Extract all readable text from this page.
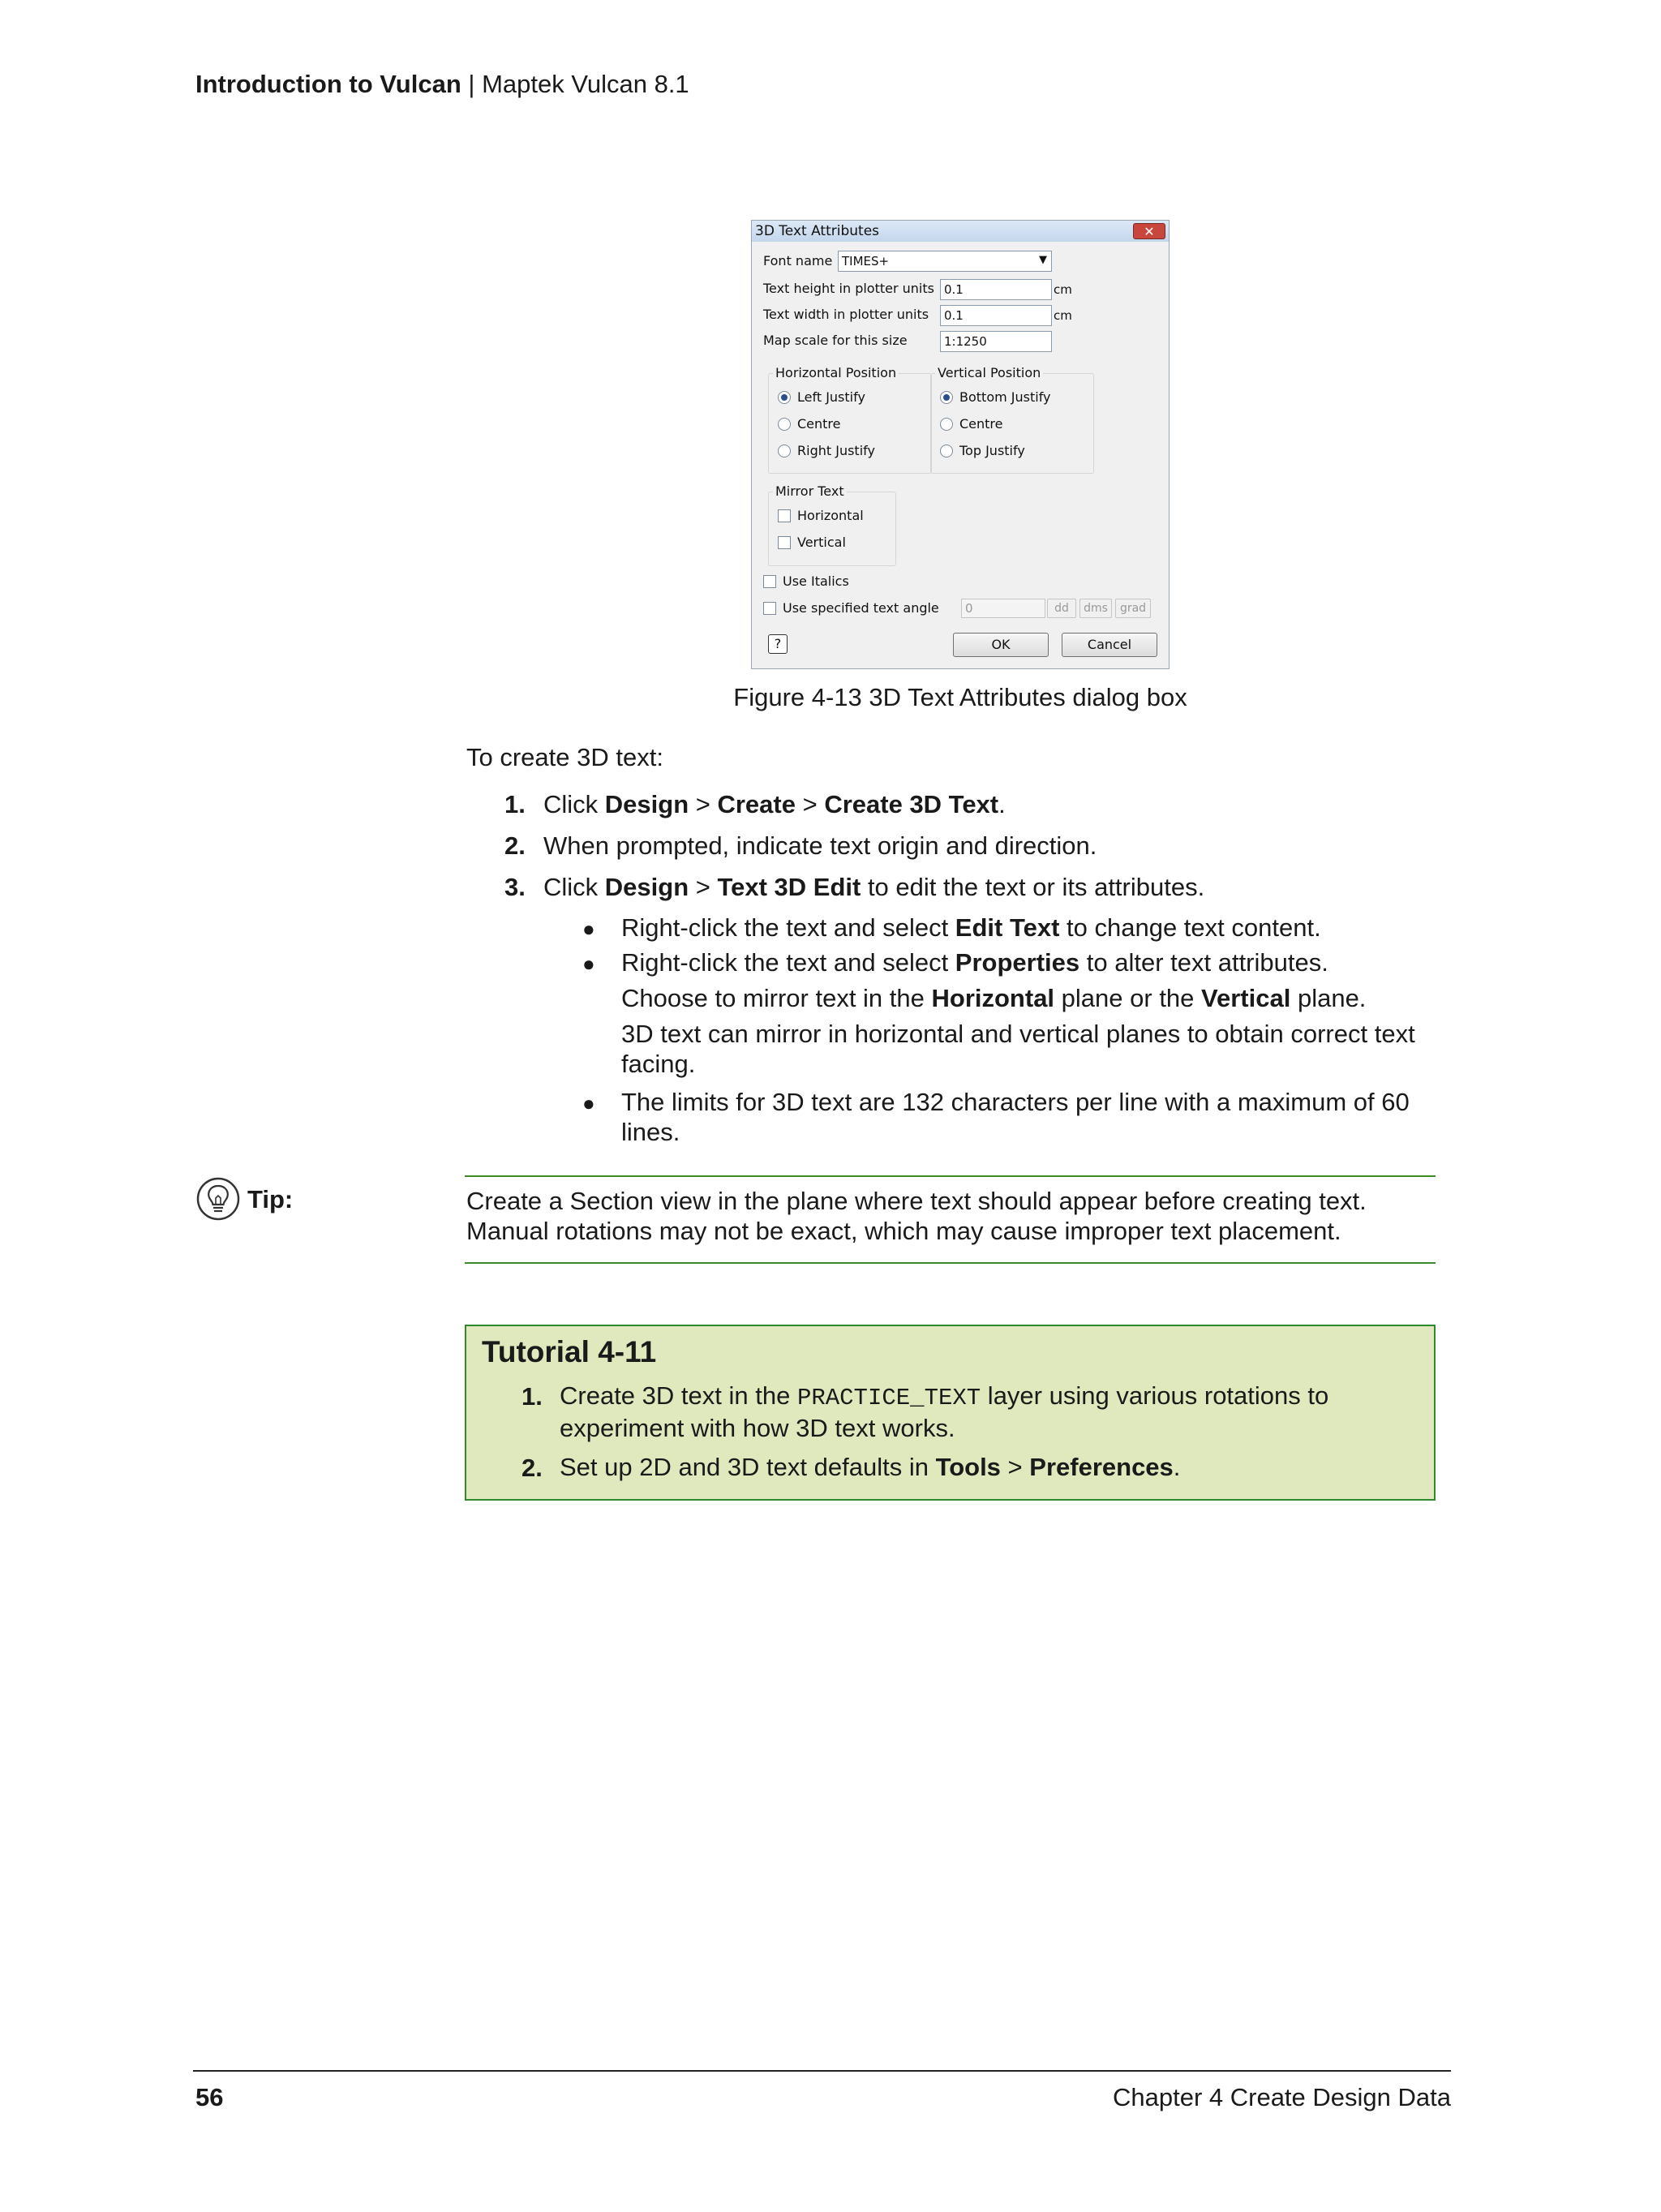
Introduction to Vulcan | Maptek Vulcan 8.1
3D Text Attributes	✕
Font name TIMES+	▼
Text height in plotter units 0.1	cm
Text width in plotter units	0.1	cm
Map scale for this size	1:1250
Horizontal Position
Left Justify
Centre
Right Justify
Vertical Position
Bottom Justify
Centre
Top Justify
Mirror Text
Horizontal
Vertical
Use Italics
Use specified text angle	0	dd	dms	grad
?	OK	Cancel
Figure 4-13 3D Text Attributes dialog box
To create 3D text:
1. Click Design > Create > Create 3D Text.
2. When prompted, indicate text origin and direction.
3. Click Design > Text 3D Edit to edit the text or its attributes.
● Right-click the text and select Edit Text to change text content.
● Right-click the text and select Properties to alter text attributes.
Choose to mirror text in the Horizontal plane or the Vertical plane.
3D text can mirror in horizontal and vertical planes to obtain correct text facing.
● The limits for 3D text are 132 characters per line with a maximum of 60 lines.
Tip:	Create a Section view in the plane where text should appear before creating text. Manual rotations may not be exact, which may cause improper text placement.
Tutorial 4-11
1. Create 3D text in the PRACTICE_TEXT layer using various rotations to experiment with how 3D text works.
2. Set up 2D and 3D text defaults in Tools > Preferences.
56	Chapter 4 Create Design Data
